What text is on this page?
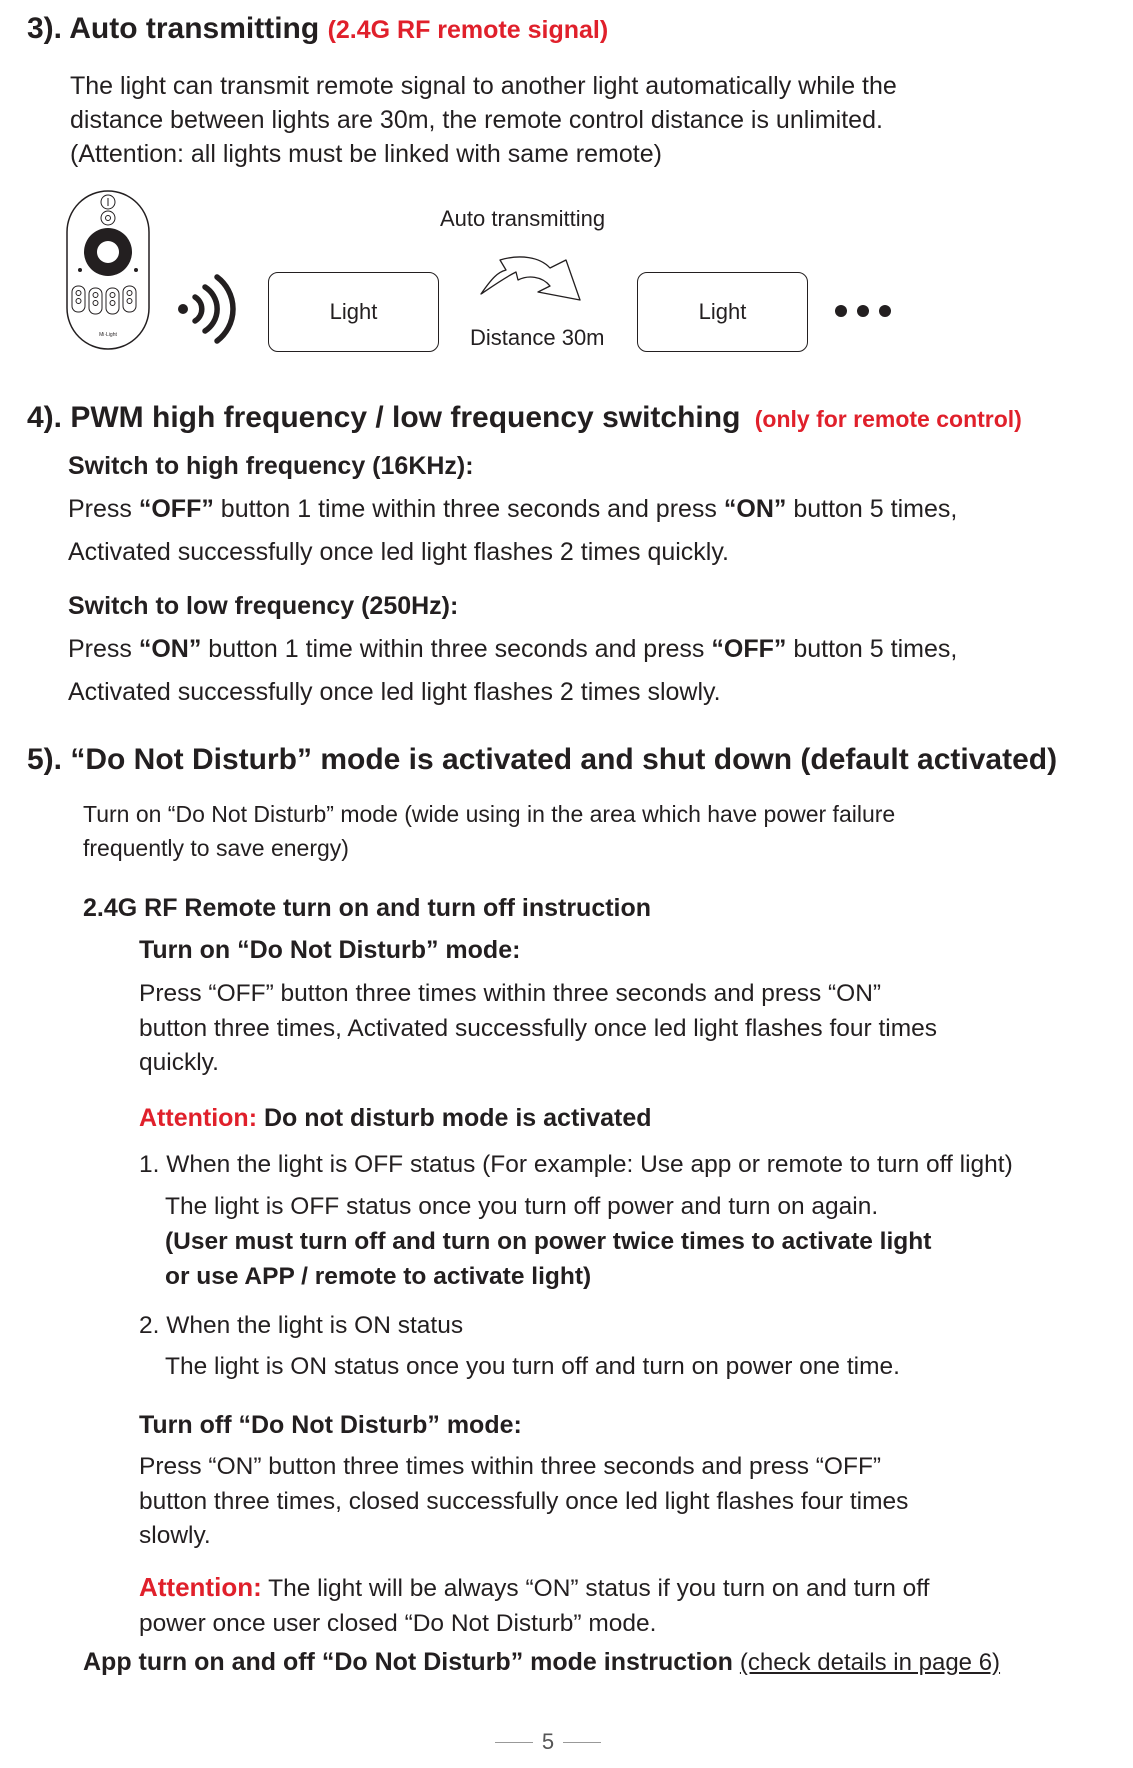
3). Auto transmitting (2.4G RF remote signal)
The light can transmit remote signal to another light automatically while the
distance between lights are 30m, the remote control distance is unlimited.
(Attention: all lights must be linked with same remote)
Mi·Light
Light
Auto transmitting
Distance 30m
Light
4). PWM high frequency / low frequency switching (only for remote control)
Switch to high frequency (16KHz):
Press “OFF” button 1 time within three seconds and press “ON” button 5 times,
Activated successfully once led light flashes 2 times quickly.
Switch to low frequency (250Hz):
Press “ON” button 1 time within three seconds and press “OFF” button 5 times,
Activated successfully once led light flashes 2 times slowly.
5). “Do Not Disturb” mode is activated and shut down (default activated)
Turn on “Do Not Disturb” mode (wide using in the area which have power failure
frequently to save energy)
2.4G RF Remote turn on and turn off instruction
Turn on “Do Not Disturb” mode:
Press “OFF” button three times within three seconds and press “ON”
button three times, Activated successfully once led light flashes four times
quickly.
Attention: Do not disturb mode is activated
1. When the light is OFF status (For example: Use app or remote to turn off light)
The light is OFF status once you turn off power and turn on again.
(User must turn off and turn on power twice times to activate light
or use APP / remote to activate light)
2. When the light is ON status
The light is ON status once you turn off and turn on power one time.
Turn off “Do Not Disturb” mode:
Press “ON” button three times within three seconds and press “OFF”
button three times, closed successfully once led light flashes four times
slowly.
Attention: The light will be always “ON” status if you turn on and turn off
power once user closed “Do Not Disturb” mode.
App turn on and off “Do Not Disturb” mode instruction (check details in page 6)
5
